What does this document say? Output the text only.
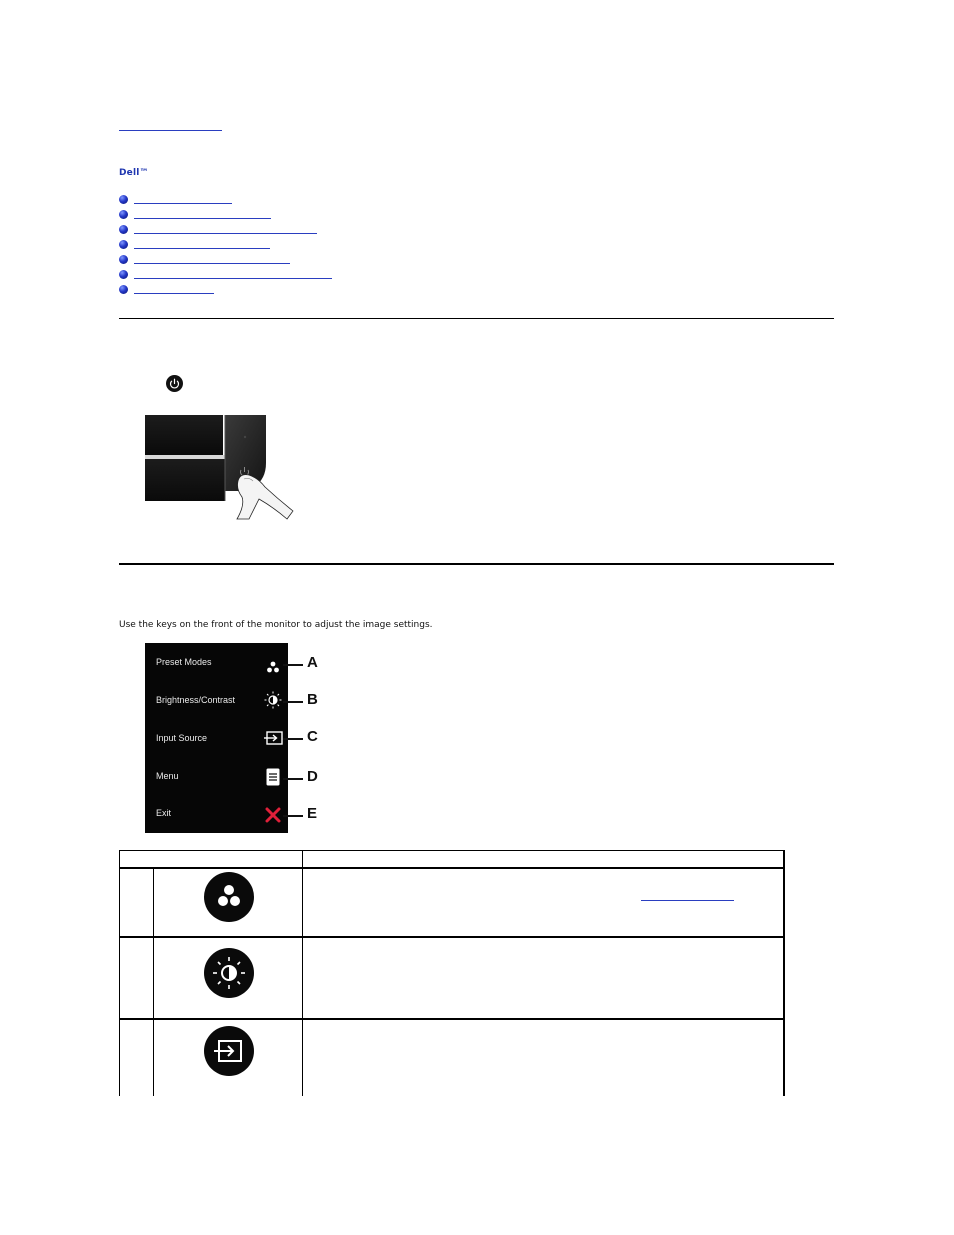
Dell™
Use the keys on the front of the monitor to adjust the image settings.
Preset Modes
Brightness/Contrast
Input Source
Menu
Exit
A
B
C
D
E
